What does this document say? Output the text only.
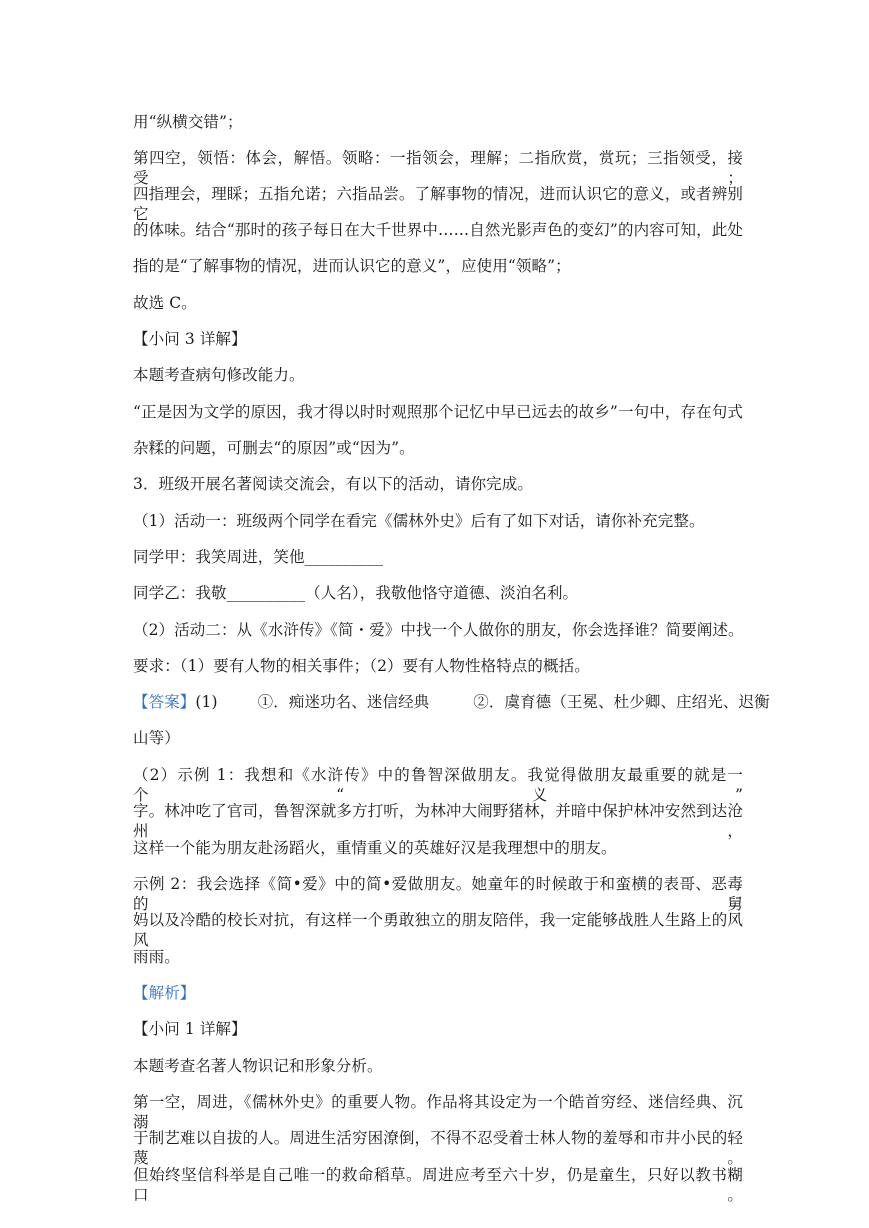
用“纵横交错”；
第四空，领悟：体会，解悟。领略：一指领会，理解；二指欣赏，赏玩；三指领受，接受；
四指理会，理睬；五指允诺；六指品尝。了解事物的情况，进而认识它的意义，或者辨别它
的体味。结合“那时的孩子每日在大千世界中……自然光影声色的变幻”的内容可知，此处
指的是“了解事物的情况，进而认识它的意义”，应使用“领略”；
故选 C。
【小问 3 详解】
本题考查病句修改能力。
“正是因为文学的原因，我才得以时时观照那个记忆中早已远去的故乡”一句中，存在句式
杂糅的问题，可删去“的原因”或“因为”。
3．班级开展名著阅读交流会，有以下的活动，请你完成。
（1）活动一：班级两个同学在看完《儒林外史》后有了如下对话，请你补充完整。
同学甲：我笑周进，笑他__________
同学乙：我敬__________（人名），我敬他恪守道德、淡泊名利。
（2）活动二：从《水浒传》《简・爱》中找一个人做你的朋友，你会选择谁？简要阐述。
要求：（1）要有人物的相关事件；（2）要有人物性格特点的概括。
【答案】(1)	①．痴迷功名、迷信经典	②．虞育德（王冕、杜少卿、庄绍光、迟衡
山等）
（2）示例 1：我想和《水浒传》中的鲁智深做朋友。我觉得做朋友最重要的就是一个“义”
字。林冲吃了官司，鲁智深就多方打听，为林冲大闹野猪林，并暗中保护林冲安然到达沧州，
这样一个能为朋友赴汤蹈火，重情重义的英雄好汉是我理想中的朋友。
示例 2：我会选择《简•爱》中的简•爱做朋友。她童年的时候敢于和蛮横的表哥、恶毒的舅
妈以及冷酷的校长对抗，有这样一个勇敢独立的朋友陪伴，我一定能够战胜人生路上的风风
雨雨。
【解析】
【小问 1 详解】
本题考查名著人物识记和形象分析。
第一空，周进，《儒林外史》的重要人物。作品将其设定为一个皓首穷经、迷信经典、沉溺
于制艺难以自拔的人。周进生活穷困潦倒，不得不忍受着士林人物的羞辱和市井小民的轻蔑。
但始终坚信科举是自己唯一的救命稻草。周进应考至六十岁，仍是童生，只好以教书糊口。
